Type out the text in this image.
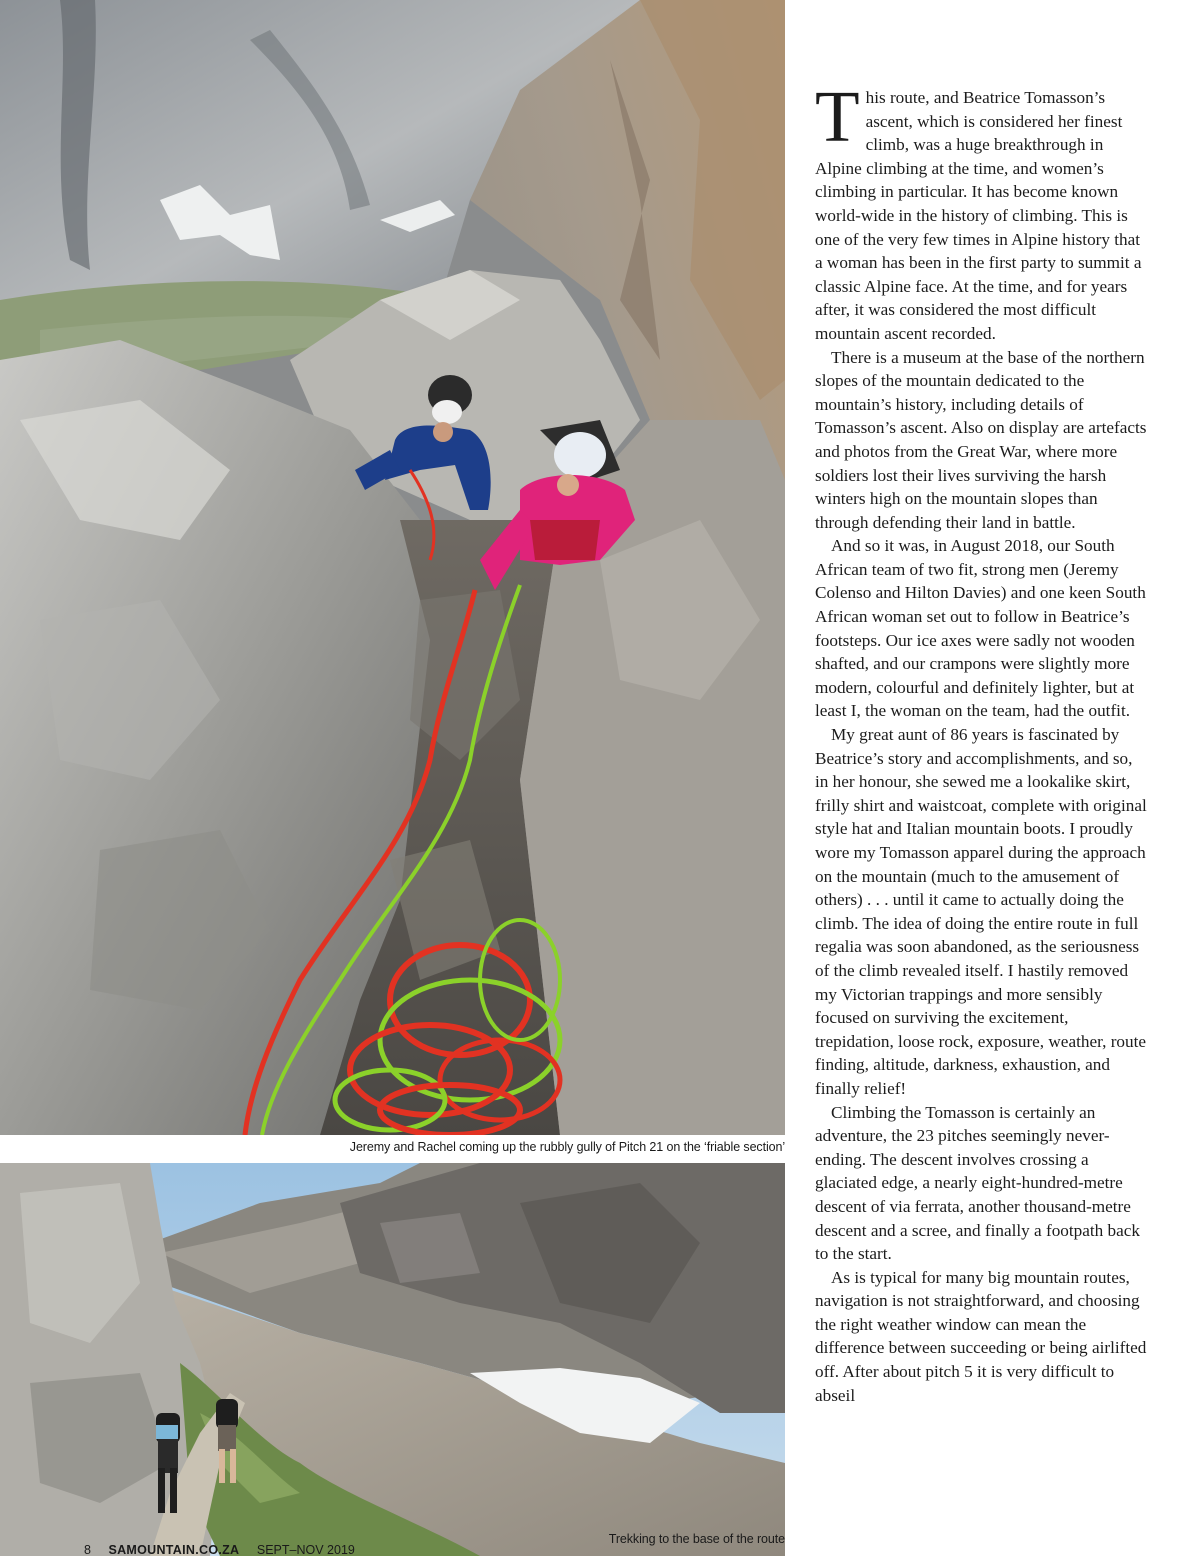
Jeremy and Rachel coming up the rubbly gully of Pitch 21 on the ‘friable section’
Trekking to the base of the route

This route, and Beatrice Tomasson’s ascent, which is considered her finest climb, was a huge breakthrough in Alpine climbing at the time, and women’s climbing in particular. It has become known world-wide in the history of climbing. This is one of the very few times in Alpine history that a woman has been in the first party to summit a classic Alpine face. At the time, and for years after, it was considered the most difficult mountain ascent recorded.

There is a museum at the base of the northern slopes of the mountain dedicated to the mountain’s history, including details of Tomasson’s ascent. Also on display are artefacts and photos from the Great War, where more soldiers lost their lives surviving the harsh winters high on the mountain slopes than through defending their land in battle.

And so it was, in August 2018, our South African team of two fit, strong men (Jeremy Colenso and Hilton Davies) and one keen South African woman set out to follow in Beatrice’s footsteps. Our ice axes were sadly not wooden shafted, and our crampons were slightly more modern, colourful and definitely lighter, but at least I, the woman on the team, had the outfit.

My great aunt of 86 years is fascinated by Beatrice’s story and accomplishments, and so, in her honour, she sewed me a lookalike skirt, frilly shirt and waistcoat, complete with original style hat and Italian mountain boots. I proudly wore my Tomasson apparel during the approach on the mountain (much to the amusement of others) . . . until it came to actually doing the climb. The idea of doing the entire route in full regalia was soon abandoned, as the seriousness of the climb revealed itself. I hastily removed my Victorian trappings and more sensibly focused on surviving the excitement, trepidation, loose rock, exposure, weather, route finding, altitude, darkness, exhaustion, and finally relief!

Climbing the Tomasson is certainly an adventure, the 23 pitches seemingly never-ending. The descent involves crossing a glaciated edge, a nearly eight-hundred-metre descent of via ferrata, another thousand-metre descent and a scree, and finally a footpath back to the start.

As is typical for many big mountain routes, navigation is not straightforward, and choosing the right weather window can mean the difference between succeeding or being airlifted off. After about pitch 5 it is very difficult to abseil

8 SAMOUNTAIN.CO.ZA SEPT–NOV 2019
